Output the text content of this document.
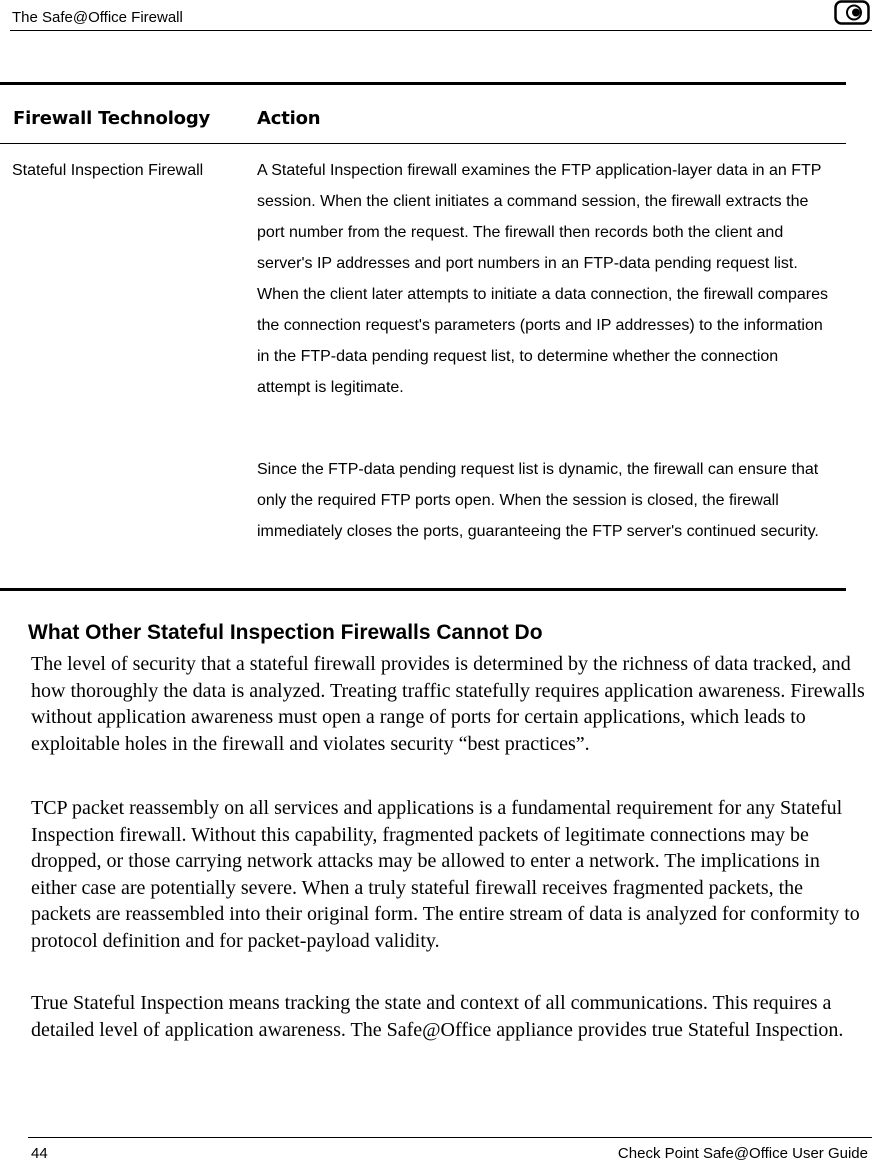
The Safe@Office Firewall
Firewall Technology	Action
Stateful Inspection Firewall	A Stateful Inspection firewall examines the FTP application-layer data in an FTP session. When the client initiates a command session, the firewall extracts the port number from the request. The firewall then records both the client and server's IP addresses and port numbers in an FTP-data pending request list. When the client later attempts to initiate a data connection, the firewall compares the connection request's parameters (ports and IP addresses) to the information in the FTP-data pending request list, to determine whether the connection attempt is legitimate.
Since the FTP-data pending request list is dynamic, the firewall can ensure that only the required FTP ports open. When the session is closed, the firewall immediately closes the ports, guaranteeing the FTP server's continued security.
What Other Stateful Inspection Firewalls Cannot Do
The level of security that a stateful firewall provides is determined by the richness of data tracked, and how thoroughly the data is analyzed. Treating traffic statefully requires application awareness. Firewalls without application awareness must open a range of ports for certain applications, which leads to exploitable holes in the firewall and violates security “best practices”.
TCP packet reassembly on all services and applications is a fundamental requirement for any Stateful Inspection firewall. Without this capability, fragmented packets of legitimate connections may be dropped, or those carrying network attacks may be allowed to enter a network. The implications in either case are potentially severe. When a truly stateful firewall receives fragmented packets, the packets are reassembled into their original form. The entire stream of data is analyzed for conformity to protocol definition and for packet-payload validity.
True Stateful Inspection means tracking the state and context of all communications. This requires a detailed level of application awareness. The Safe@Office appliance provides true Stateful Inspection.
44	Check Point Safe@Office User Guide
